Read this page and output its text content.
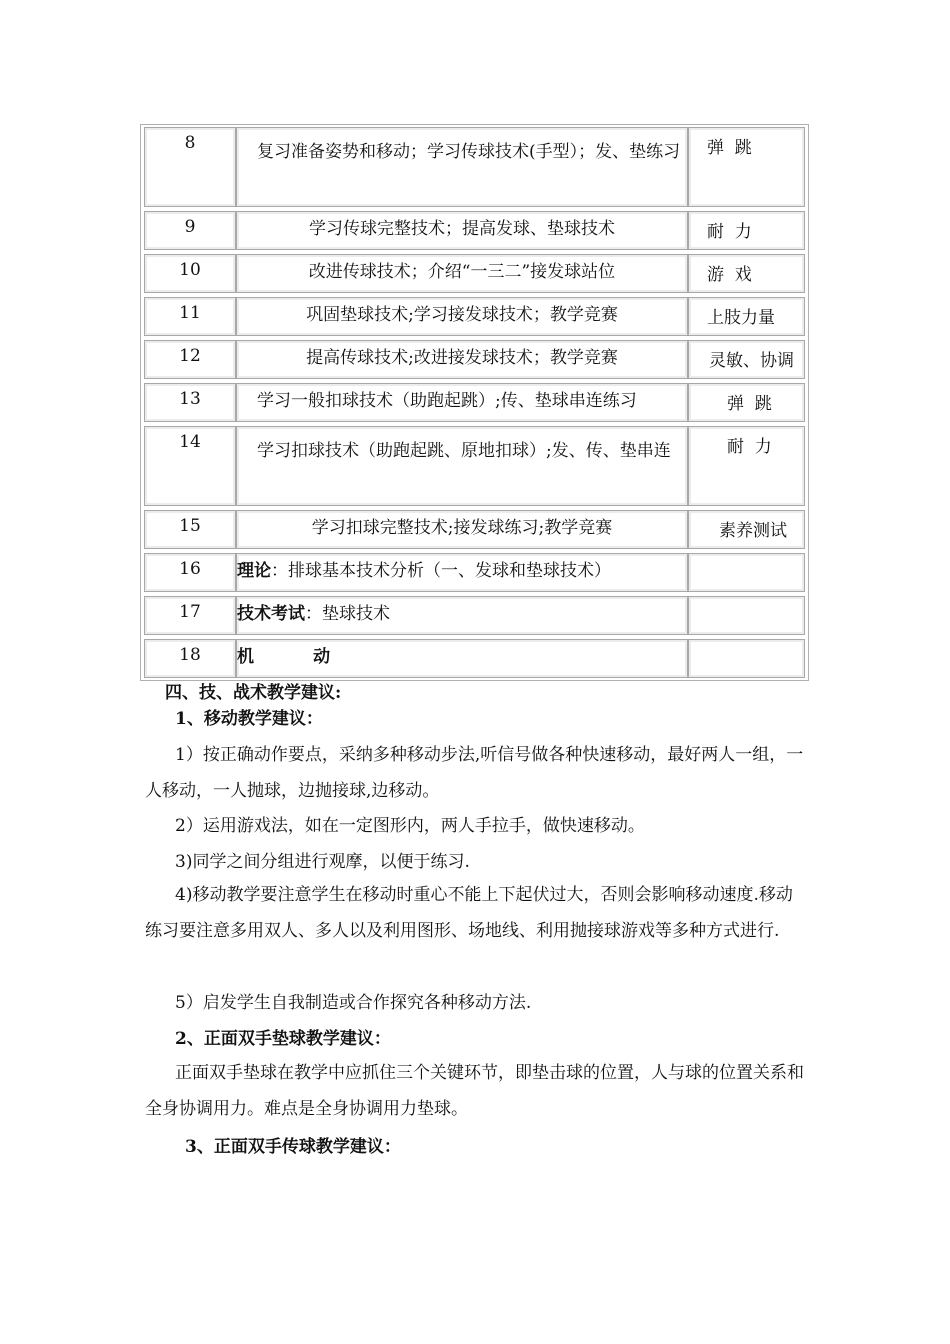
8	复习准备姿势和移动；学习传球技术(手型）；发、垫练习	弹  跳
9	学习传球完整技术；提高发球、垫球技术	耐  力
10	改进传球技术；介绍“一三二”接发球站位	游  戏
11	巩固垫球技术;学习接发球技术；教学竞赛	上肢力量
12	提高传球技术;改进接发球技术；教学竞赛	灵敏、协调
13	学习一般扣球技术（助跑起跳）;传、垫球串连练习	弹  跳
14	学习扣球技术（助跑起跳、原地扣球）;发、传、垫串连	耐  力
15	学习扣球完整技术;接发球练习;教学竞赛	素养测试
16	理论：排球基本技术分析（一、发球和垫球技术）
17	技术考试：垫球技术
18	机          动
四、技、战术教学建议:
1、移动教学建议：
1）按正确动作要点，采纳多种移动步法,听信号做各种快速移动，最好两人一组，一人移动，一人抛球，边抛接球,边移动。
2）运用游戏法，如在一定图形内，两人手拉手，做快速移动。
3)同学之间分组进行观摩，以便于练习.
4)移动教学要注意学生在移动时重心不能上下起伏过大，否则会影响移动速度.移动练习要注意多用双人、多人以及利用图形、场地线、利用抛接球游戏等多种方式进行.
5）启发学生自我制造或合作探究各种移动方法.
2、正面双手垫球教学建议：
正面双手垫球在教学中应抓住三个关键环节，即垫击球的位置，人与球的位置关系和全身协调用力。难点是全身协调用力垫球。
3、正面双手传球教学建议：
